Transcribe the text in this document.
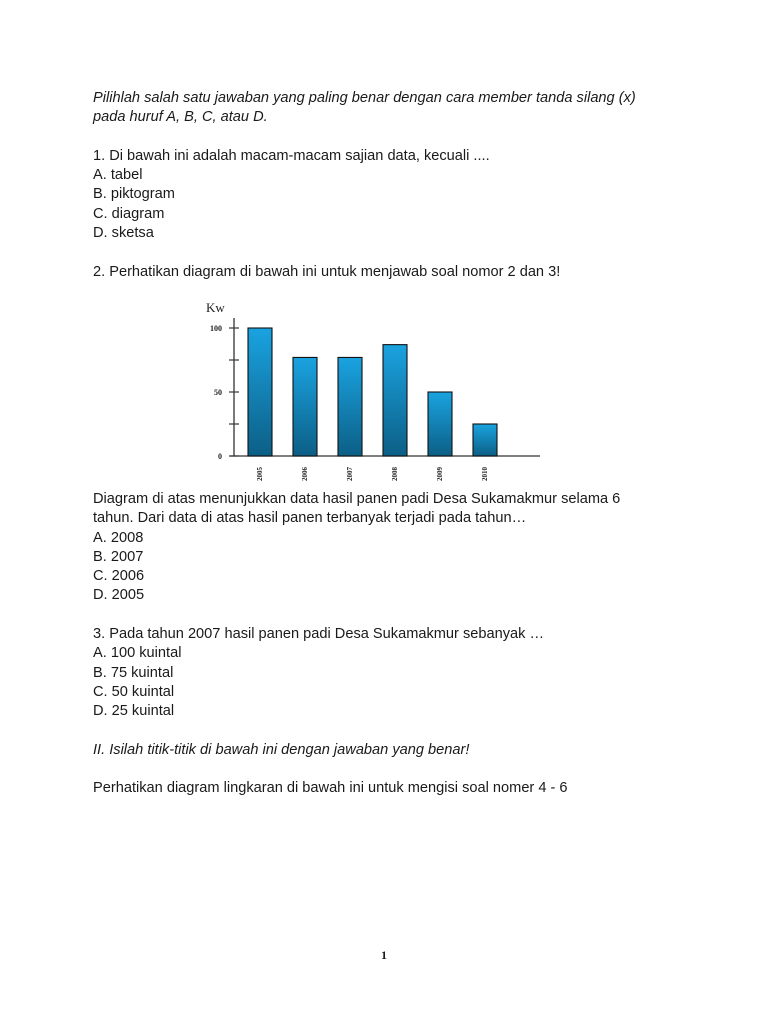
Pilihlah salah satu jawaban yang paling benar dengan cara member tanda silang (x)
pada huruf A, B, C, atau D.
1. Di bawah ini adalah macam-macam sajian data, kecuali ....
A. tabel
B. piktogram
C. diagram
D. sketsa
2. Perhatikan diagram di bawah ini untuk menjawab soal nomor 2 dan 3!
Kw
0
50
100
2005	2006	2007	2008	2009	2010
Diagram di atas menunjukkan data hasil panen padi Desa Sukamakmur selama 6
tahun. Dari data di atas hasil panen terbanyak terjadi pada tahun…
A. 2008
B. 2007
C. 2006
D. 2005
3. Pada tahun 2007 hasil panen padi Desa Sukamakmur sebanyak …
A. 100 kuintal
B. 75 kuintal
C. 50 kuintal
D. 25 kuintal
II. Isilah titik-titik di bawah ini dengan jawaban yang benar!
Perhatikan diagram lingkaran di bawah ini untuk mengisi soal nomer 4 - 6
1
